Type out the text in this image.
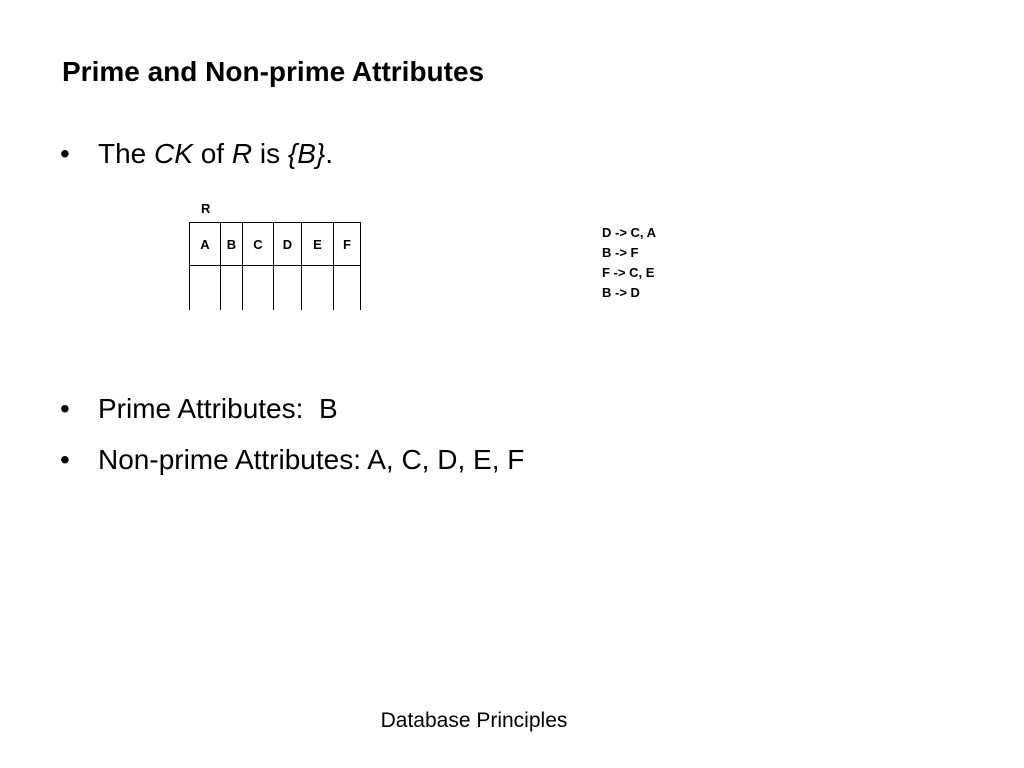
Prime and Non-prime Attributes
• The CK of R is {B}.
R
A	B	C	D	E	F
D -> C, A
B -> F
F -> C, E
B -> D
• Prime Attributes:  B
• Non-prime Attributes: A, C, D, E, F
Database Principles
